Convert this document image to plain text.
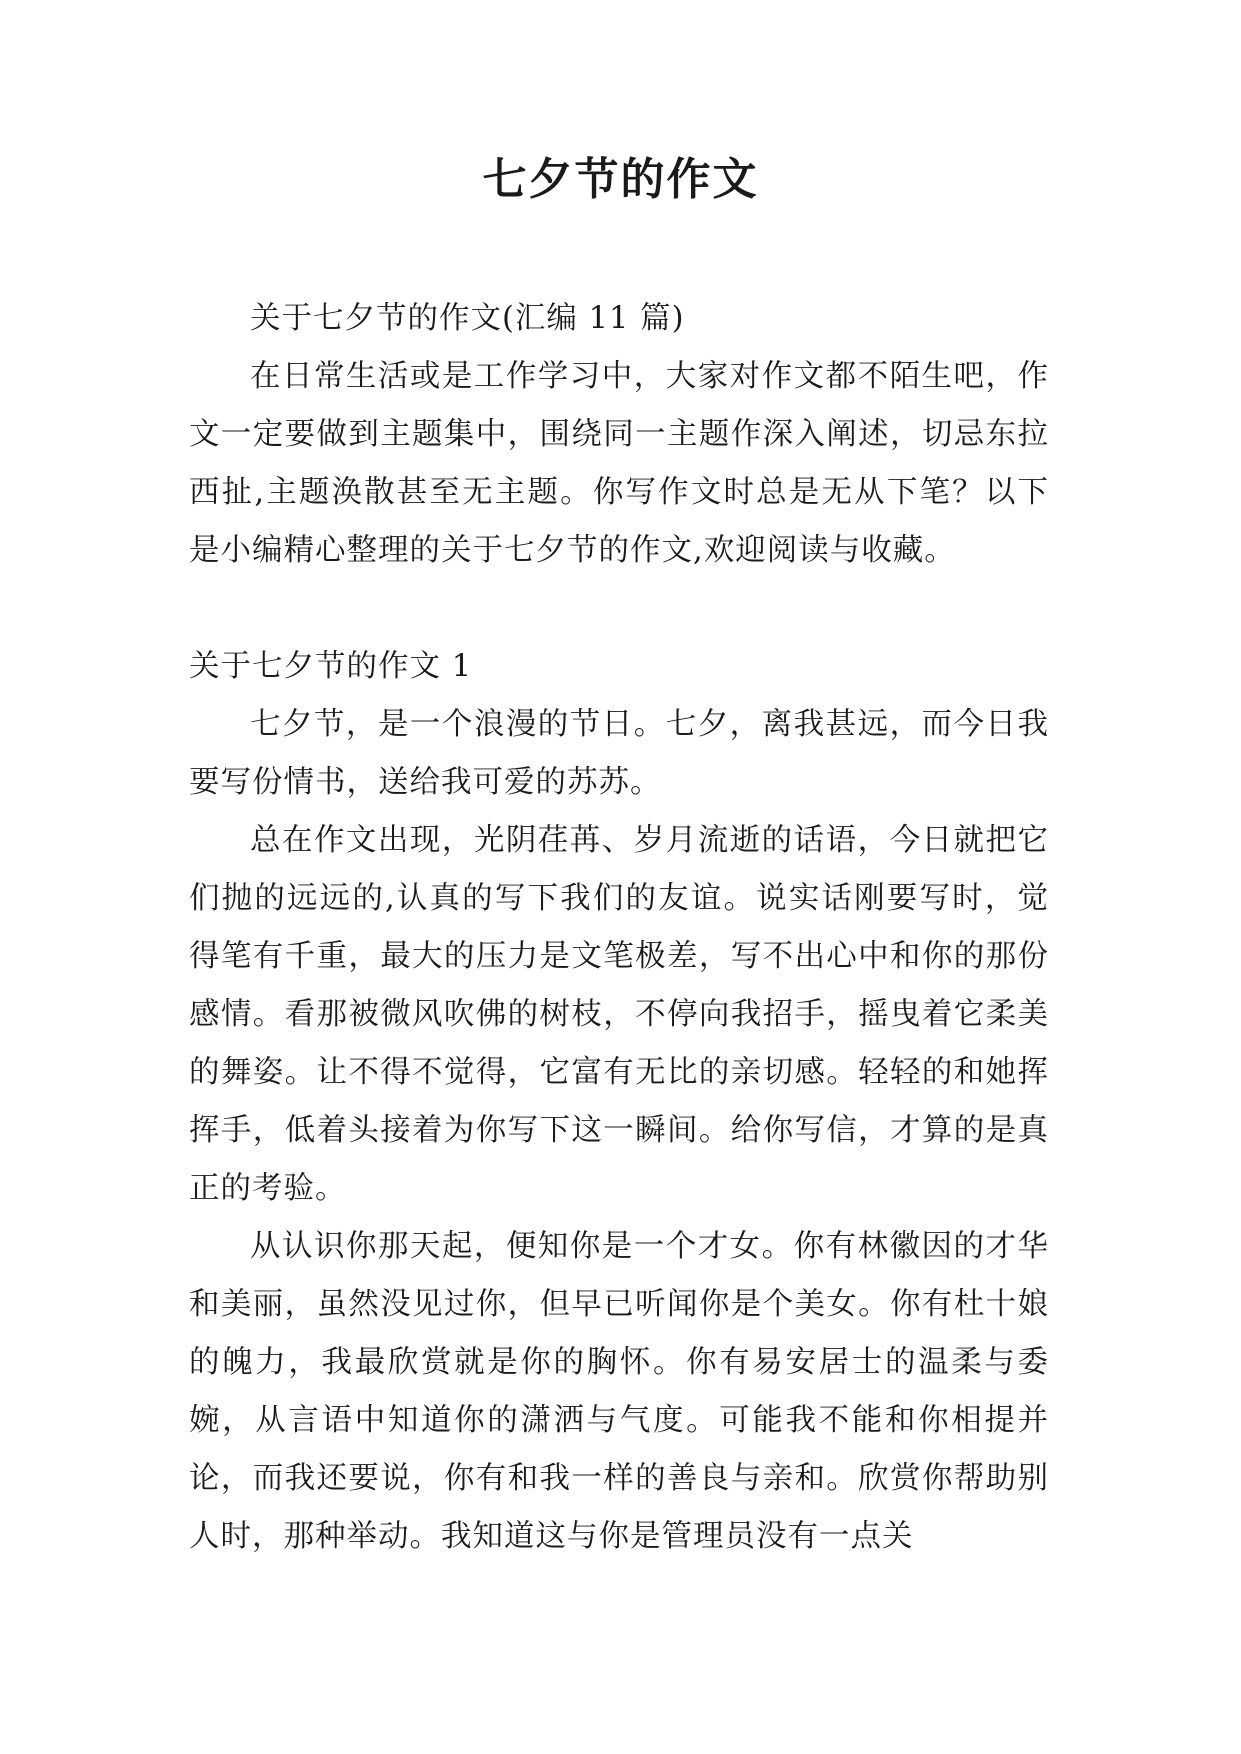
七夕节的作文

关于七夕节的作文(汇编 11 篇)

在日常生活或是工作学习中，大家对作文都不陌生吧，作文一定要做到主题集中，围绕同一主题作深入阐述，切忌东拉西扯,主题涣散甚至无主题。你写作文时总是无从下笔？以下是小编精心整理的关于七夕节的作文,欢迎阅读与收藏。

关于七夕节的作文 1

七夕节，是一个浪漫的节日。七夕，离我甚远，而今日我要写份情书，送给我可爱的苏苏。

总在作文出现，光阴荏苒、岁月流逝的话语，今日就把它们抛的远远的,认真的写下我们的友谊。说实话刚要写时，觉得笔有千重，最大的压力是文笔极差，写不出心中和你的那份感情。看那被微风吹佛的树枝，不停向我招手，摇曳着它柔美的舞姿。让不得不觉得，它富有无比的亲切感。轻轻的和她挥挥手，低着头接着为你写下这一瞬间。给你写信，才算的是真正的考验。

从认识你那天起，便知你是一个才女。你有林徽因的才华和美丽，虽然没见过你，但早已听闻你是个美女。你有杜十娘的魄力，我最欣赏就是你的胸怀。你有易安居士的温柔与委婉，从言语中知道你的潇洒与气度。可能我不能和你相提并论，而我还要说，你有和我一样的善良与亲和。欣赏你帮助别人时，那种举动。我知道这与你是管理员没有一点关
